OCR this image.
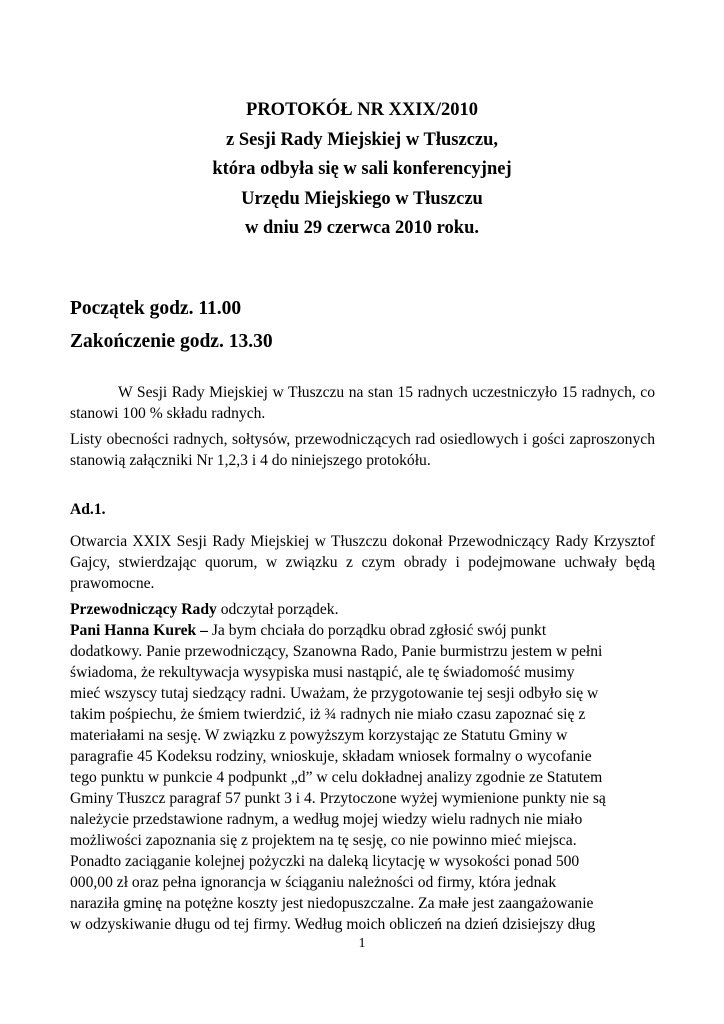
PROTOKÓŁ NR XXIX/2010
z Sesji Rady Miejskiej w Tłuszczu,
która odbyła się w sali konferencyjnej
Urzędu Miejskiego w Tłuszczu
w dniu 29 czerwca 2010 roku.
Początek godz. 11.00
Zakończenie godz. 13.30

W Sesji Rady Miejskiej w Tłuszczu na stan 15 radnych uczestniczyło 15 radnych, co stanowi 100 % składu radnych.

Listy obecności radnych, sołtysów, przewodniczących rad osiedlowych i gości zaproszonych stanowią załączniki Nr 1,2,3 i 4 do niniejszego protokółu.

Ad.1.

Otwarcia XXIX Sesji Rady Miejskiej w Tłuszczu dokonał Przewodniczący Rady Krzysztof Gajcy, stwierdzając quorum, w związku z czym obrady i podejmowane uchwały będą prawomocne.

Przewodniczący Rady odczytał porządek.

Pani Hanna Kurek – Ja bym chciała do porządku obrad zgłosić swój punkt
dodatkowy. Panie przewodniczący, Szanowna Rado, Panie burmistrzu jestem w pełni
świadoma, że rekultywacja wysypiska musi nastąpić, ale tę świadomość musimy
mieć wszyscy tutaj siedzący radni. Uważam, że przygotowanie tej sesji odbyło się w
takim pośpiechu, że śmiem twierdzić, iż ¾ radnych nie miało czasu zapoznać się z
materiałami na sesję. W związku z powyższym korzystając ze Statutu Gminy w
paragrafie 45 Kodeksu rodziny, wnioskuje, składam wniosek formalny o wycofanie
tego punktu w punkcie 4 podpunkt „d” w celu dokładnej analizy zgodnie ze Statutem
Gminy Tłuszcz paragraf 57 punkt 3 i 4. Przytoczone wyżej wymienione punkty nie są
należycie przedstawione radnym, a według mojej wiedzy wielu radnych nie miało
możliwości zapoznania się z projektem na tę sesję, co nie powinno mieć miejsca.
Ponadto zaciąganie kolejnej pożyczki na daleką licytację w wysokości ponad 500
000,00 zł oraz pełna ignorancja w ściąganiu należności od firmy, która jednak
naraziła gminę na potężne koszty jest niedopuszczalne. Za małe jest zaangażowanie
w odzyskiwanie długu od tej firmy. Według moich obliczeń na dzień dzisiejszy dług
1
